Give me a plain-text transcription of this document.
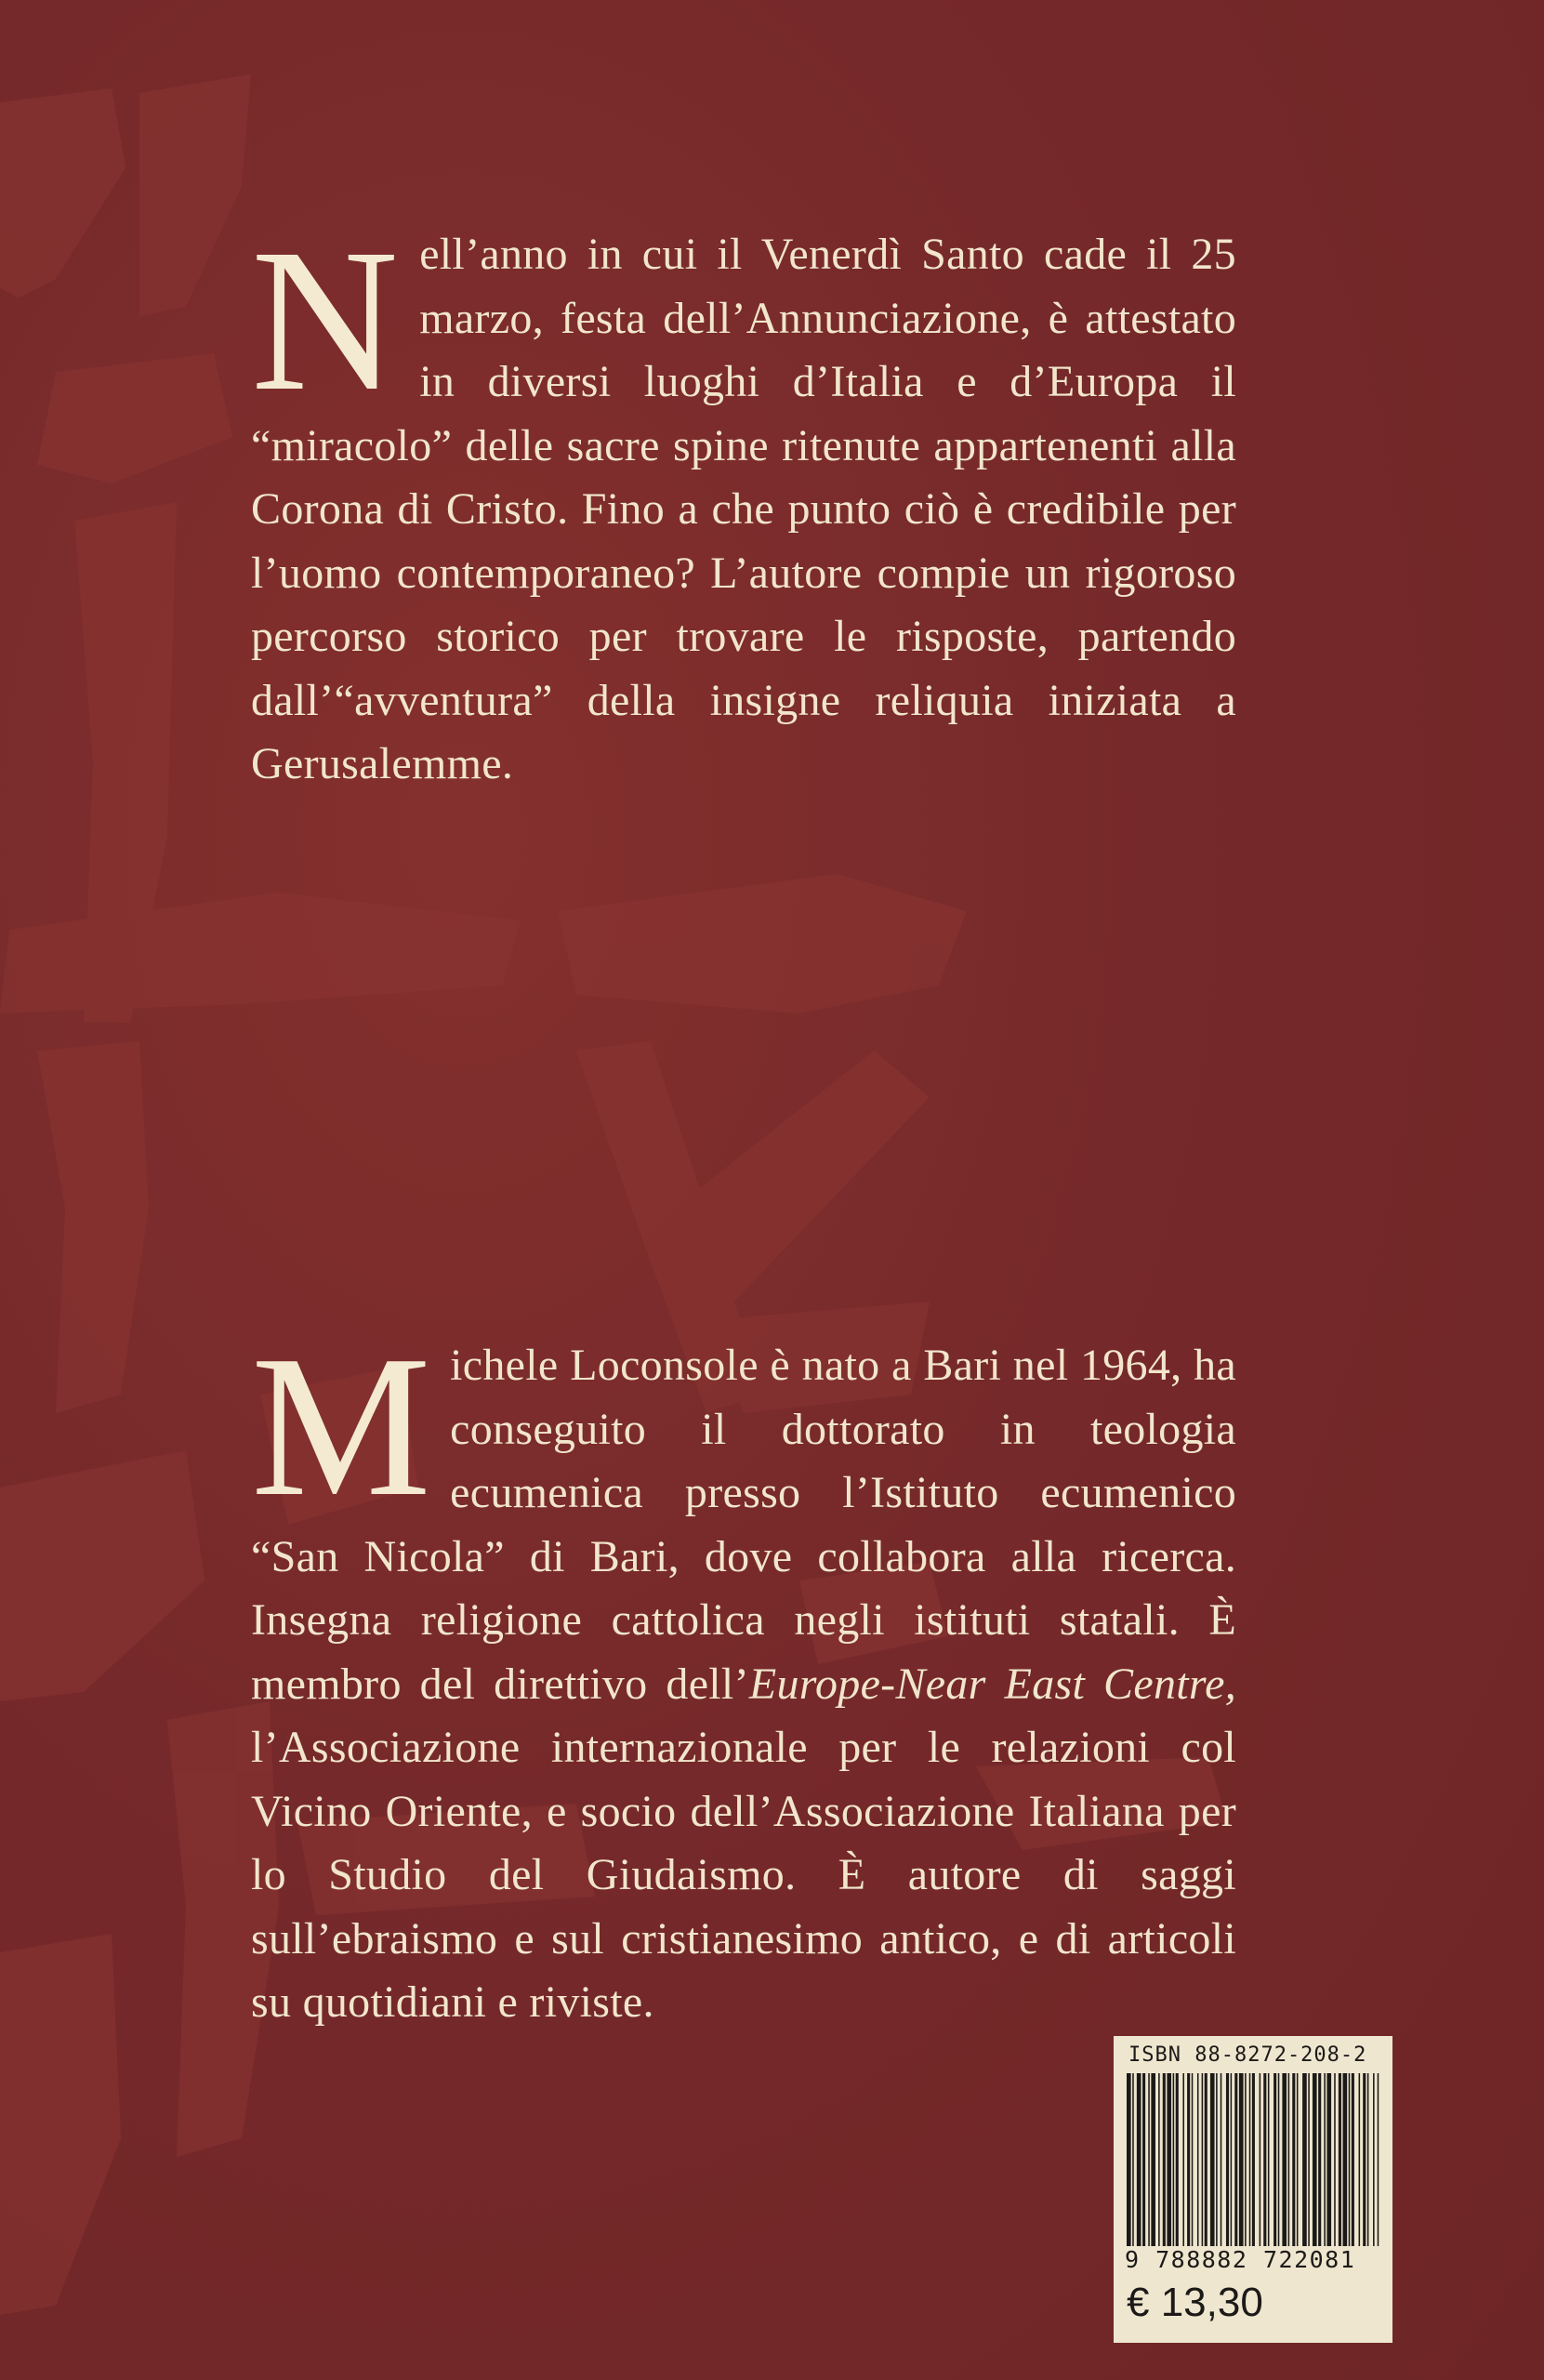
N ell’anno in cui il Venerdì Santo cade il 25 marzo, festa dell’Annunciazione, è attestato in diversi luoghi d’Italia e d’Europa il “miracolo” delle sacre spine ritenute appartenenti alla Corona di Cristo. Fino a che punto ciò è credibile per l’uomo contemporaneo? L’autore compie un rigoroso percorso storico per trovare le risposte, partendo dall’“avventura” della insigne reliquia iniziata a Gerusalemme.
M ichele Loconsole è nato a Bari nel 1964, ha conseguito il dottorato in teologia ecumenica presso l’Istituto ecumenico “San Nicola” di Bari, dove collabora alla ricerca. Insegna religione cattolica negli istituti statali. È membro del direttivo dell’Europe-Near East Centre, l’Associazione internazionale per le relazioni col Vicino Oriente, e socio dell’Associazione Italiana per lo Studio del Giudaismo. È autore di saggi sull’ebraismo e sul cristianesimo antico, e di articoli su quotidiani e riviste.
ISBN 88-8272-208-2
9 788882 722081
€ 13,30
